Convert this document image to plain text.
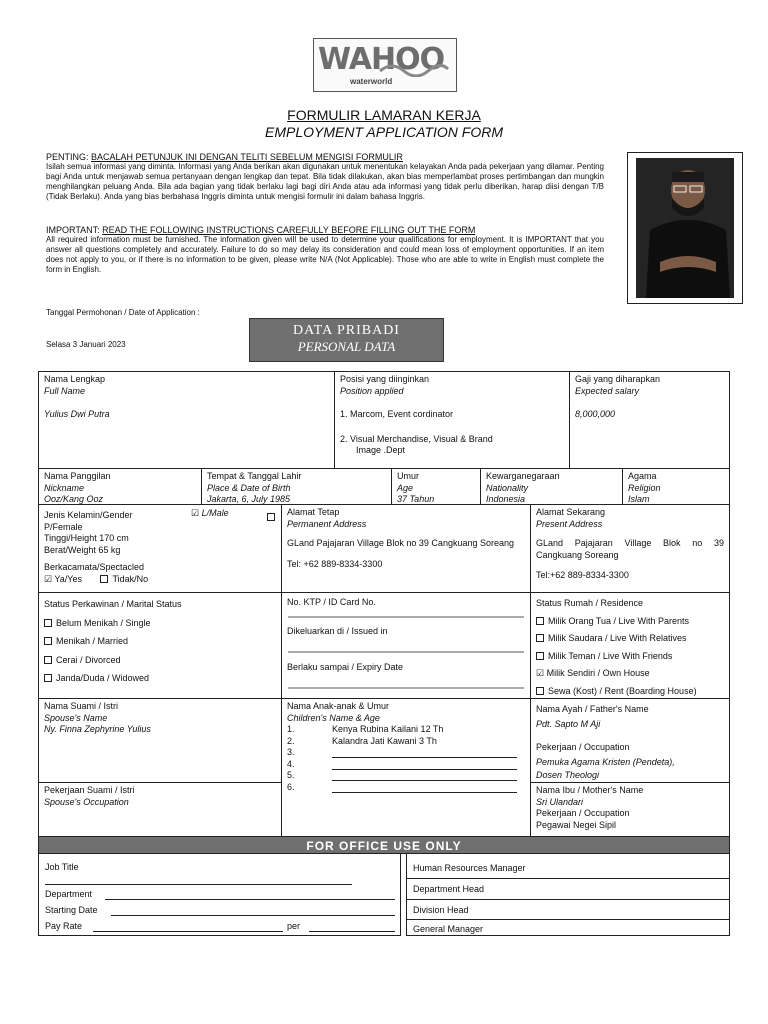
WAHOO
waterworld
FORMULIR LAMARAN KERJA
EMPLOYMENT APPLICATION FORM
PENTING: BACALAH PETUNJUK INI DENGAN TELITI SEBELUM MENGISI FORMULIR
Isilah semua informasi yang diminta. Informasi yang Anda berikan akan digunakan untuk menentukan kelayakan Anda pada pekerjaan yang dilamar. Penting bagi Anda untuk menjawab semua pertanyaan dengan lengkap dan tepat. Bila tidak dilakukan, akan bias memperlambat proses pertimbangan dan mungkin menghilangkan peluang Anda. Bila ada bagian yang tidak berlaku lagi bagi diri Anda atau ada informasi yang tidak perlu diberikan, harap diisi dengan T/B (Tidak Berlaku). Anda yang bias berbahasa Inggris diminta untuk mengisi formulir ini dalam bahasa Inggris.
IMPORTANT: READ THE FOLLOWING INSTRUCTIONS CAREFULLY BEFORE FILLING OUT THE FORM
All required information must be furnished. The information given will be used to determine your qualifications for employment. It is IMPORTANT that you answer all questions completely and accurately. Failure to do so may delay its consideration and could mean loss of employment opportunities. If an item does not apply to you, or if there is no information to be given, please write N/A (Not Applicable). Those who are able to write in English must complete the form in English.
Tanggal Permohonan / Date of Application :
Selasa 3 Januari 2023
DATA PRIBADI
PERSONAL DATA
Nama Lengkap
Full Name
Yulius Dwi Putra
Posisi yang diinginkan
Position applied
1. Marcom, Event cordinator
2. Visual Merchandise, Visual & Brand
Image .Dept
Gaji yang diharapkan
Expected salary
8,000,000
Nama Panggilan
Nickname
Ooz/Kang Ooz
Tempat & Tanggal Lahir
Place & Date of Birth
Jakarta, 6, July 1985
Umur
Age
37 Tahun
Kewarganegaraan
Nationality
Indonesia
Agama
Religion
Islam
Jenis Kelamin/Gender	☑ L/Male
P/Female
Tinggi/Height 170 cm
Berat/Weight 65 kg
Berkacamata/Spectacled
☑ Ya/Yes	Tidak/No
Alamat Tetap
Permanent Address
GLand Pajajaran Village Blok no 39 Cangkuang Soreang
Tel: +62 889-8334-3300
Alamat Sekarang
Present Address
GLand Pajajaran Village Blok no 39 Cangkuang Soreang
Tel:+62 889-8334-3300
Status Perkawinan / Marital Status
Belum Menikah / Single
Menikah / Married
Cerai / Divorced
Janda/Duda / Widowed
No. KTP / ID Card No.
Dikeluarkan di / Issued in
Berlaku sampai / Expiry Date
Status Rumah / Residence
Milik Orang Tua / Live With Parents
Milik Saudara / Live With Relatives
Milik Teman / Live With Friends
☑ Milik Sendiri / Own House
Sewa (Kost) / Rent (Boarding House)
Nama Suami / Istri
Spouse's Name
Ny. Finna Zephyrine Yulius
Pekerjaan Suami / Istri
Spouse's Occupation
Nama Anak-anak & Umur
Children's Name & Age
1.	Kenya Rubina Kailani 12 Th
2.	Kalandra Jati Kawani 3 Th
3.
4.
5.
6.
Nama Ayah / Father's Name
Pdt. Sapto M Aji
Pekerjaan / Occupation
Pemuka Agama Kristen (Pendeta),
Dosen Theologi
Nama Ibu / Mother's Name
Sri Ulandari
Pekerjaan / Occupation
Pegawai Negei Sipil
FOR OFFICE USE ONLY
Job Title
Department
Starting Date
Pay Rate	per
Human Resources Manager
Department Head
Division Head
General Manager
